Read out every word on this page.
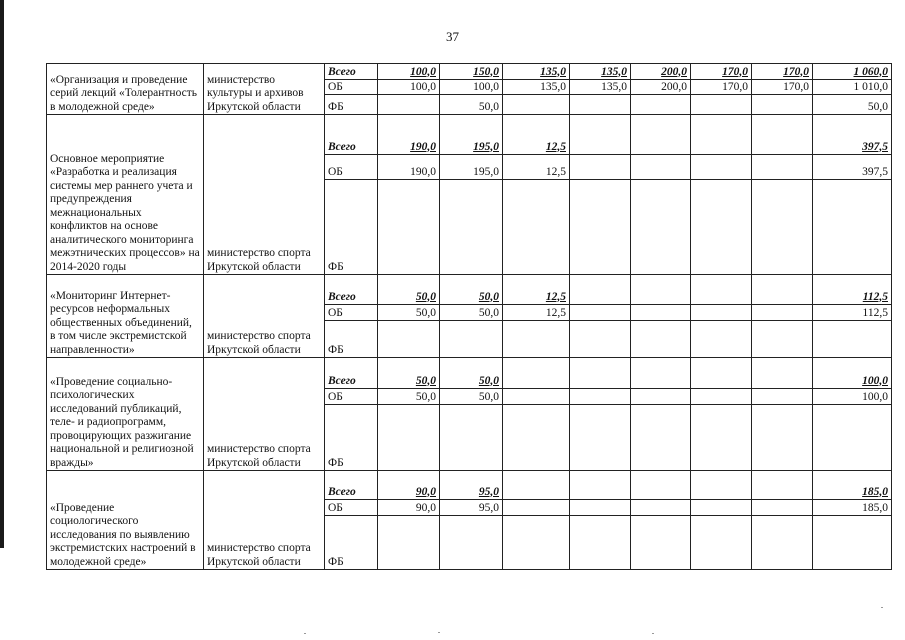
37
«Организация и проведение серий лекций «Толерантность в молодежной среде»	министерство культуры и архивов Иркутской области	Всего	100,0	150,0	135,0	135,0	200,0	170,0	170,0	1 060,0
		ОБ	100,0	100,0	135,0	135,0	200,0	170,0	170,0	1 010,0
		ФБ		50,0						50,0
Основное мероприятие «Разработка и реализация системы мер раннего учета и предупреждения межнациональных конфликтов на основе аналитического мониторинга межэтнических процессов» на 2014-2020 годы	министерство спорта Иркутской области	Всего	190,0	195,0	12,5					397,5
		ОБ	190,0	195,0	12,5					397,5
		ФБ								
«Мониторинг Интернет-ресурсов неформальных общественных объединений, в том числе экстремистской направленности»	министерство спорта Иркутской области	Всего	50,0	50,0	12,5					112,5
		ОБ	50,0	50,0	12,5					112,5
		ФБ								
«Проведение социально-психологических исследований публикаций, теле- и радиопрограмм, провоцирующих разжигание национальной и религиозной вражды»	министерство спорта Иркутской области	Всего	50,0	50,0						100,0
		ОБ	50,0	50,0						100,0
		ФБ								
«Проведение социологического исследования по выявлению экстремистских настроений в молодежной среде»	министерство спорта Иркутской области	Всего	90,0	95,0						185,0
		ОБ	90,0	95,0						185,0
		ФБ								
